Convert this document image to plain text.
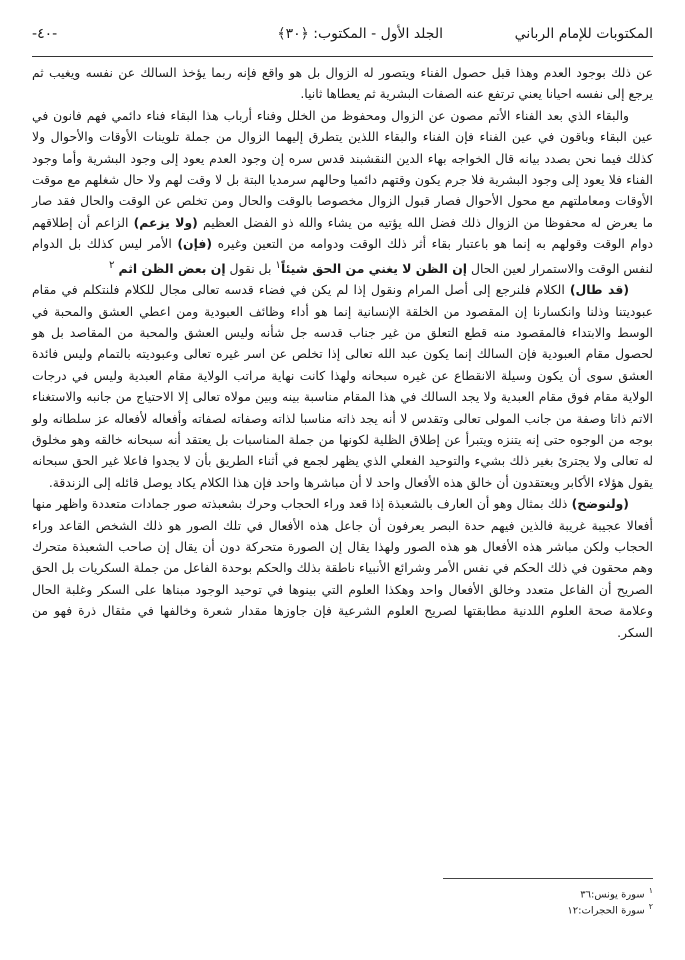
المكتوبات للإمام الرباني
الجلد الأول - المكتوب: ﴿٣٠﴾
-٤٠-

عن ذلك بوجود العدم وهذا قبل حصول الفناء ويتصور له الزوال بل هو واقع فإنه ربما يؤخذ السالك عن نفسه ويغيب ثم يرجع إلى نفسه احيانا يعني ترتفع عنه الصفات البشرية ثم يعطاها ثانيا.

والبقاء الذي بعد الفناء الأتم مصون عن الزوال ومحفوظ من الخلل وفناء أرباب هذا البقاء فناء دائمي فهم فانون في عين البقاء وباقون في عين الفناء فإن الفناء والبقاء اللذين يتطرق إليهما الزوال من جملة تلوينات الأوقات والأحوال ولا كذلك فيما نحن بصدد بيانه قال الخواجه بهاء الدين النقشبند قدس سره إن وجود العدم يعود إلى وجود البشرية وأما وجود الفناء فلا يعود إلى وجود البشرية فلا جرم يكون وقتهم دائميا وحالهم سرمديا البتة بل لا وقت لهم ولا حال شغلهم مع موقت الأوقات ومعاملتهم مع محول الأحوال فصار قبول الزوال مخصوصا بالوقت والحال ومن تخلص عن الوقت والحال فقد صار ما يعرض له محفوظا من الزوال ذلك فضل الله يؤتيه من يشاء والله ذو الفضل العظيم (ولا يزعم) الزاعم أن إطلاقهم دوام الوقت وقولهم به إنما هو باعتبار بقاء أثر ذلك الوقت ودوامه من التعين وغيره (فإن) الأمر ليس كذلك بل الدوام لنفس الوقت والاستمرار لعين الحال إن الظن لا يغني من الحق شيئاً$^١$ بل نقول إن بعض الظن اثم $^٢$

(قد طال) الكلام فلنرجع إلى أصل المرام ونقول إذا لم يكن في فضاء قدسه تعالى مجال للكلام فلنتكلم في مقام عبوديتنا وذلنا وانكسارنا إن المقصود من الخلقة الإنسانية إنما هو أداء وظائف العبودية ومن اعطي العشق والمحبة في الوسط والابتداء فالمقصود منه قطع التعلق من غير جناب قدسه جل شأنه وليس العشق والمحبة من المقاصد بل هو لحصول مقام العبودية فإن السالك إنما يكون عبد الله تعالى إذا تخلص عن اسر غيره تعالى وعبوديته بالتمام وليس فائدة العشق سوى أن يكون وسيلة الانقطاع عن غيره سبحانه ولهذا كانت نهاية مراتب الولاية مقام العبدية وليس في درجات الولاية مقام فوق مقام العبدية ولا يجد السالك في هذا المقام مناسبة بينه وبين مولاه تعالى إلا الاحتياج من جانبه والاستغناء الاتم ذاتا وصفة من جانب المولى تعالى وتقدس لا أنه يجد ذاته مناسبا لذاته وصفاته لصفاته وأفعاله لأفعاله عز سلطانه ولو بوجه من الوجوه حتى إنه يتنزه ويتبرأ عن إطلاق الظلية لكونها من جملة المناسبات بل يعتقد أنه سبحانه خالقه وهو مخلوق له تعالى ولا يجترئ بغير ذلك بشيء والتوحيد الفعلي الذي يظهر لجمع في أثناء الطريق بأن لا يجدوا فاعلا غير الحق سبحانه يقول هؤلاء الأكابر ويعتقدون أن خالق هذه الأفعال واحد لا أن مباشرها واحد فإن هذا الكلام يكاد يوصل قائله إلى الزندقة.

(ولنوضح) ذلك بمثال وهو أن العارف بالشعبذة إذا قعد وراء الحجاب وحرك بشعبذته صور جمادات متعددة واظهر منها أفعالا عجيبة غريبة فالذين فيهم حدة البصر يعرفون أن جاعل هذه الأفعال في تلك الصور هو ذلك الشخص القاعد وراء الحجاب ولكن مباشر هذه الأفعال هو هذه الصور ولهذا يقال إن الصورة متحركة دون أن يقال إن صاحب الشعبذة متحرك وهم محقون في ذلك الحكم في نفس الأمر وشرائع الأنبياء ناطقة بذلك والحكم بوحدة الفاعل من جملة السكريات بل الحق الصريح أن الفاعل متعدد وخالق الأفعال واحد وهكذا العلوم التي بينوها في توحيد الوجود مبناها على السكر وغلبة الحال وعلامة صحة العلوم اللدنية مطابقتها لصريح العلوم الشرعية فإن جاوزها مقدار شعرة وخالفها في مثقال ذرة فهو من السكر.

$^١$سورة يونس:٣٦
$^٢$سورة الحجرات:١٢
